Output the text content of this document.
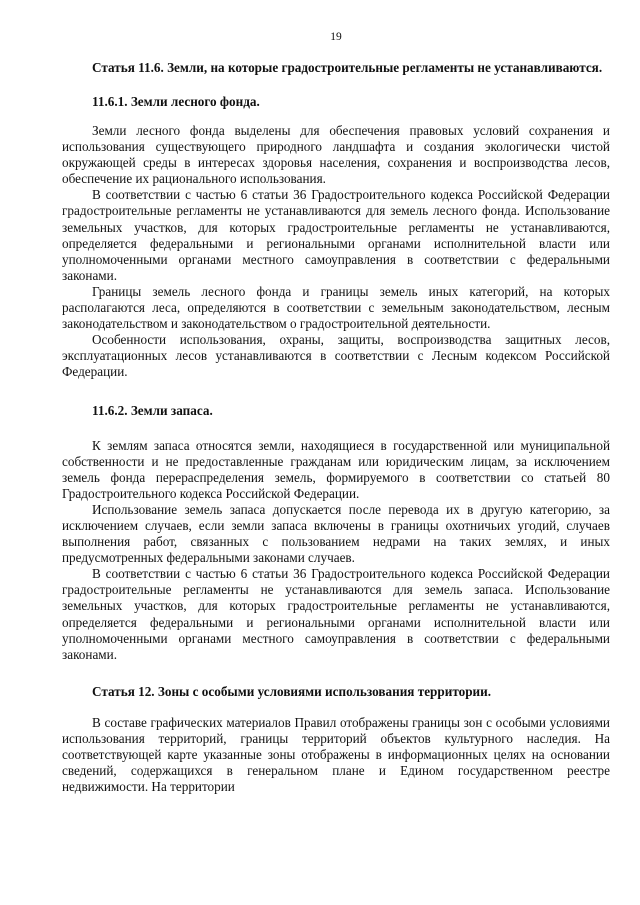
19

Статья 11.6. Земли, на которые градостроительные регламенты не устанавливаются.

11.6.1. Земли лесного фонда.

Земли лесного фонда выделены для обеспечения правовых условий сохранения и использования существующего природного ландшафта и создания экологически чистой окружающей среды в интересах здоровья населения, сохранения и воспроизводства лесов, обеспечение их рационального использования.

В соответствии с частью 6 статьи 36 Градостроительного кодекса Российской Федерации градостроительные регламенты не устанавливаются для земель лесного фонда. Использование земельных участков, для которых градостроительные регламенты не устанавливаются, определяется федеральными и региональными органами исполнительной власти или уполномоченными органами местного самоуправления в соответствии с федеральными законами.

Границы земель лесного фонда и границы земель иных категорий, на которых располагаются леса, определяются в соответствии с земельным законодательством, лесным законодательством и законодательством о градостроительной деятельности.

Особенности использования, охраны, защиты, воспроизводства защитных лесов, эксплуатационных лесов устанавливаются в соответствии с Лесным кодексом Российской Федерации.

11.6.2. Земли запаса.

К землям запаса относятся земли, находящиеся в государственной или муниципальной собственности и не предоставленные гражданам или юридическим лицам, за исключением земель фонда перераспределения земель, формируемого в соответствии со статьей 80 Градостроительного кодекса Российской Федерации.

Использование земель запаса допускается после перевода их в другую категорию, за исключением случаев, если земли запаса включены в границы охотничьих угодий, случаев выполнения работ, связанных с пользованием недрами на таких землях, и иных предусмотренных федеральными законами случаев.

В соответствии с частью 6 статьи 36 Градостроительного кодекса Российской Федерации градостроительные регламенты не устанавливаются для земель запаса. Использование земельных участков, для которых градостроительные регламенты не устанавливаются, определяется федеральными и региональными органами исполнительной власти или уполномоченными органами местного самоуправления в соответствии с федеральными законами.

Статья 12. Зоны с особыми условиями использования территории.

В составе графических материалов Правил отображены границы зон с особыми условиями использования территорий, границы территорий объектов культурного наследия. На соответствующей карте указанные зоны отображены в информационных целях на основании сведений, содержащихся в генеральном плане и Едином государственном реестре недвижимости. На территории
